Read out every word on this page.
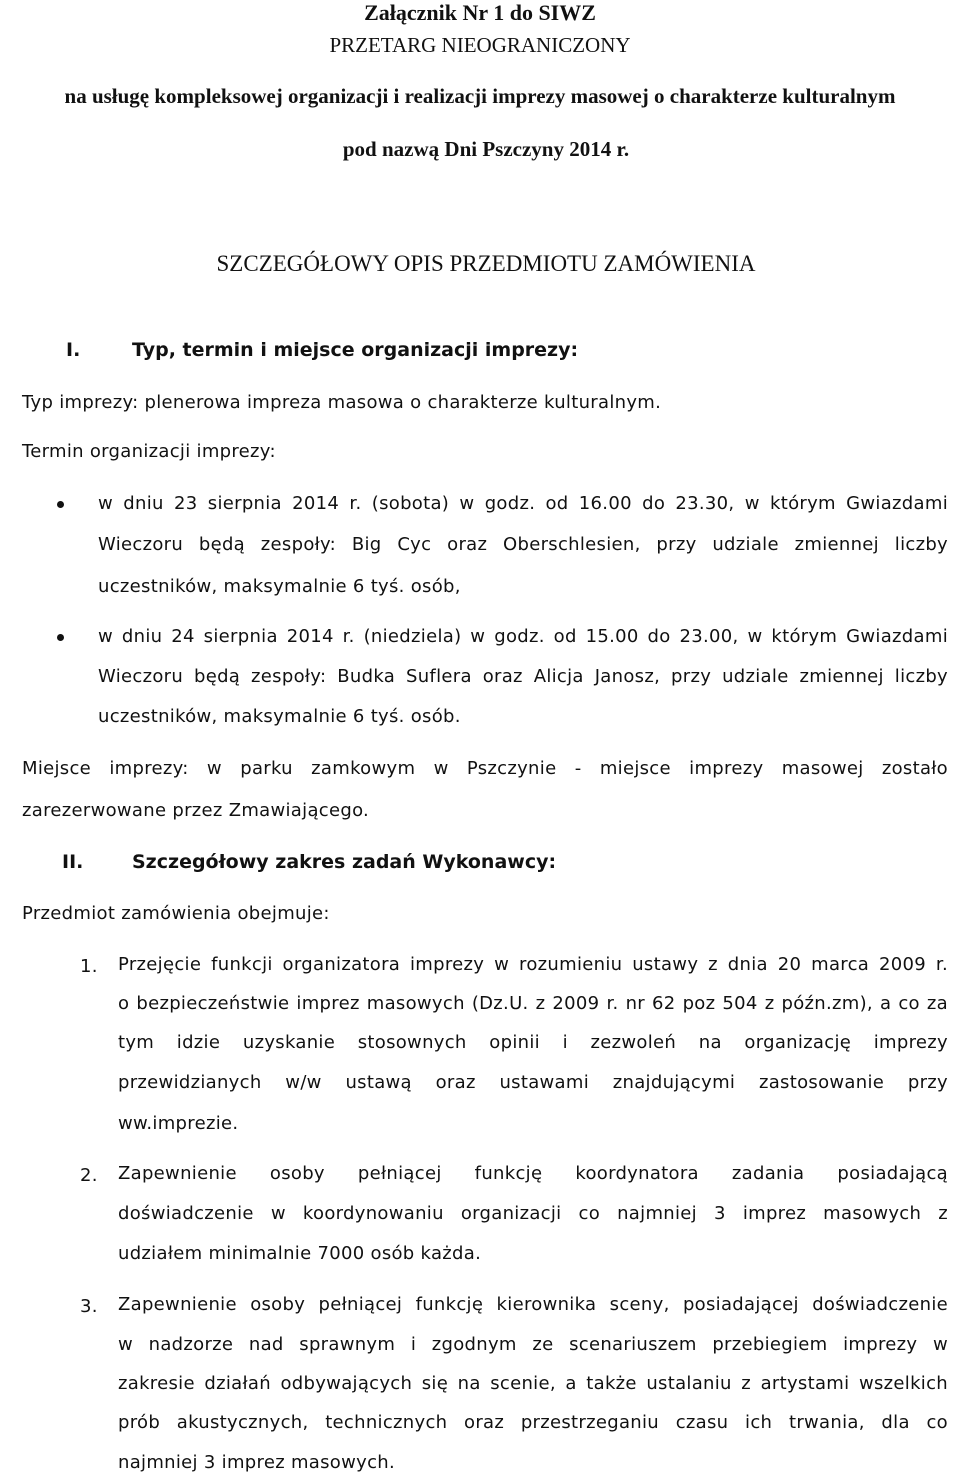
Załącznik Nr 1 do SIWZ
PRZETARG NIEOGRANICZONY
na usługę kompleksowej organizacji i realizacji imprezy masowej o charakterze kulturalnym
pod nazwą Dni Pszczyny 2014 r.
SZCZEGÓŁOWY OPIS PRZEDMIOTU ZAMÓWIENIA
I.	Typ, termin i miejsce organizacji imprezy:
Typ imprezy: plenerowa impreza masowa o charakterze kulturalnym.
Termin organizacji imprezy:
w dniu 23 sierpnia 2014 r. (sobota) w godz. od 16.00 do 23.30, w którym Gwiazdami
Wieczoru będą zespoły: Big Cyc oraz Oberschlesien, przy udziale zmiennej liczby
uczestników, maksymalnie 6 tyś. osób,
w dniu 24 sierpnia 2014 r. (niedziela) w godz. od 15.00 do 23.00, w którym Gwiazdami
Wieczoru będą zespoły: Budka Suflera oraz Alicja Janosz, przy udziale zmiennej liczby
uczestników, maksymalnie 6 tyś. osób.
Miejsce imprezy: w parku zamkowym w Pszczynie - miejsce imprezy masowej zostało
zarezerwowane przez Zmawiającego.
II.	Szczegółowy zakres zadań Wykonawcy:
Przedmiot zamówienia obejmuje:
1. Przejęcie funkcji organizatora imprezy w rozumieniu ustawy z dnia 20 marca 2009 r.
o bezpieczeństwie imprez masowych (Dz.U. z 2009 r. nr 62 poz 504 z późn.zm), a co za
tym idzie uzyskanie stosownych opinii i zezwoleń na organizację imprezy
przewidzianych w/w ustawą oraz ustawami znajdującymi zastosowanie przy
ww.imprezie.
2. Zapewnienie osoby pełniącej funkcję koordynatora zadania posiadającą
doświadczenie w koordynowaniu organizacji co najmniej 3 imprez masowych z
udziałem minimalnie 7000 osób każda.
3. Zapewnienie osoby pełniącej funkcję kierownika sceny, posiadającej doświadczenie
w nadzorze nad sprawnym i zgodnym ze scenariuszem przebiegiem imprezy w
zakresie działań odbywających się na scenie, a także ustalaniu z artystami wszelkich
prób akustycznych, technicznych oraz przestrzeganiu czasu ich trwania, dla co
najmniej 3 imprez masowych.
